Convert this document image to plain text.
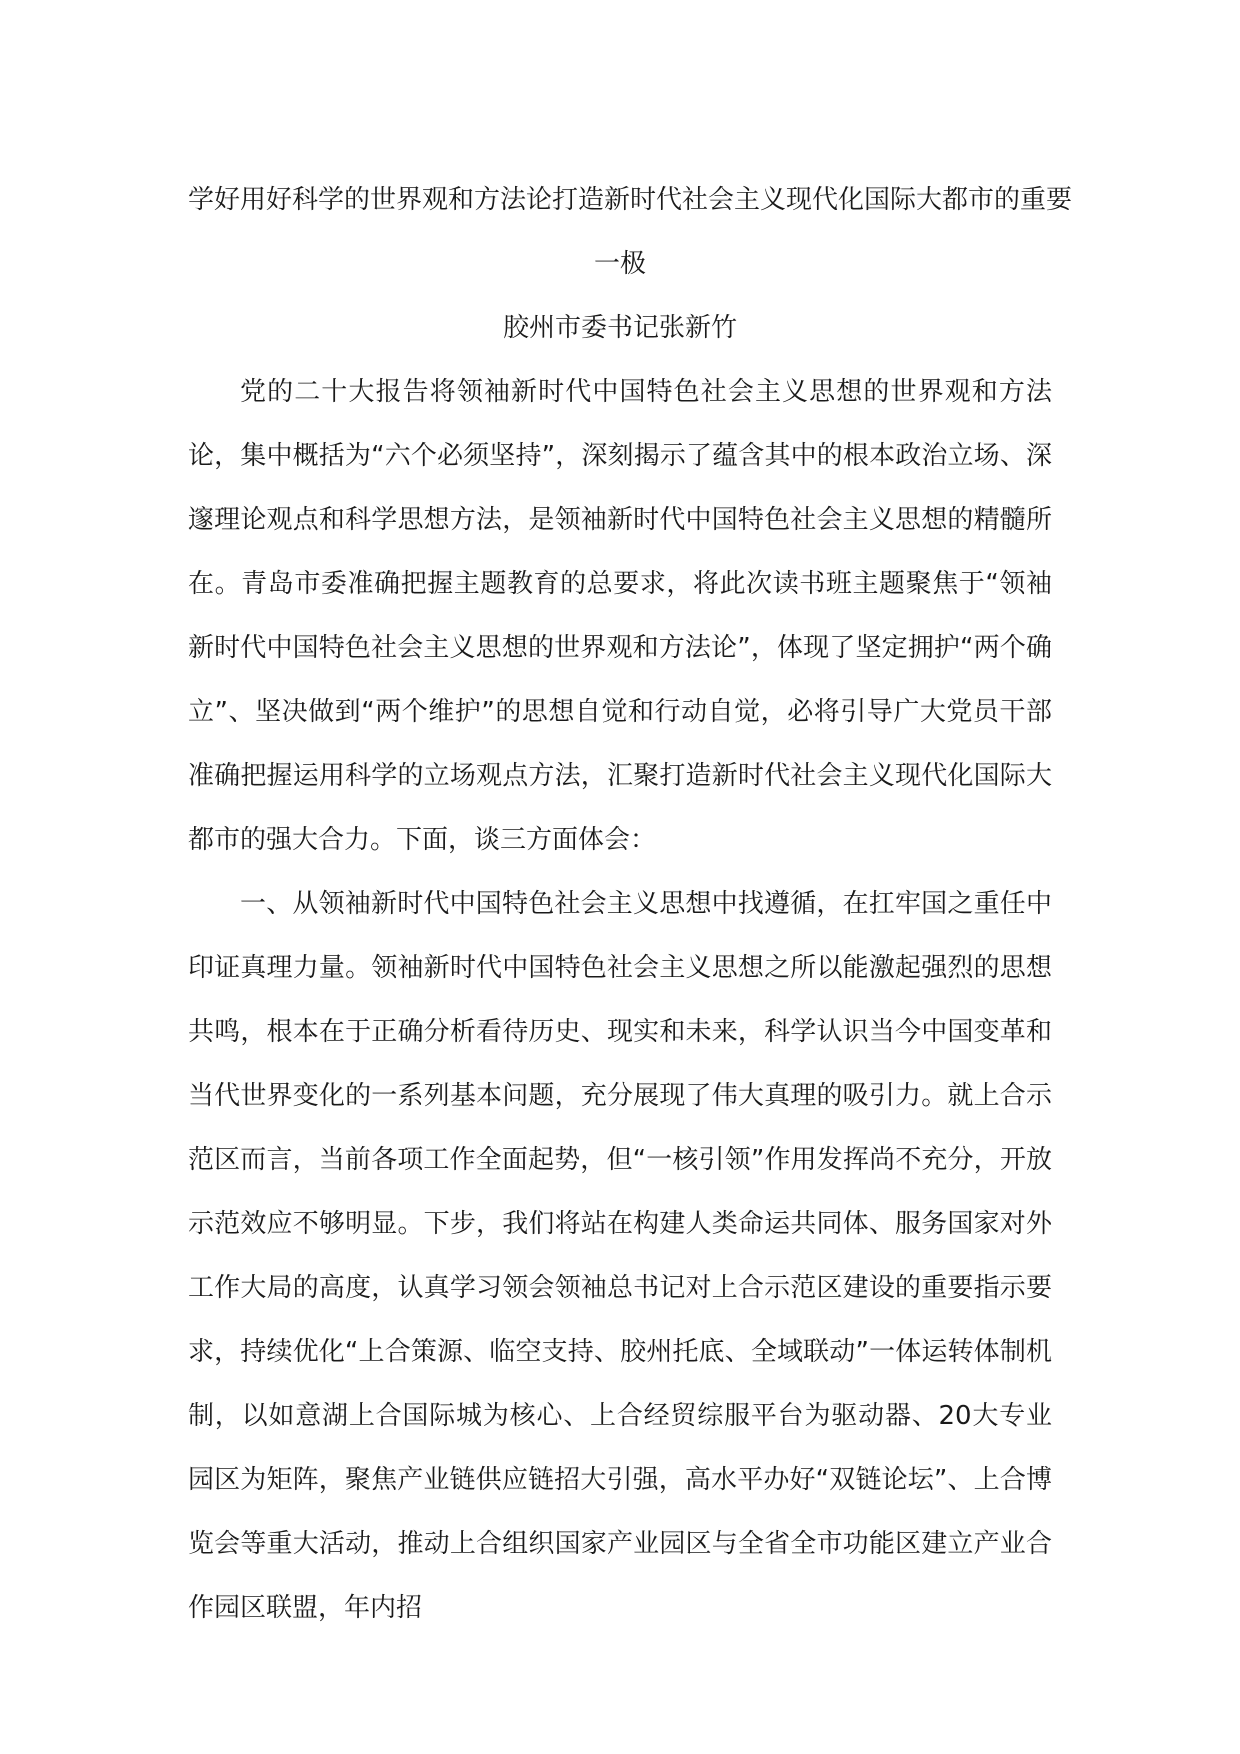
学好用好科学的世界观和方法论打造新时代社会主义现代化国际大都市的重要
一极

胶州市委书记张新竹

党的二十大报告将领袖新时代中国特色社会主义思想的世界观和方法论，集中概括为“六个必须坚持”，深刻揭示了蕴含其中的根本政治立场、深邃理论观点和科学思想方法，是领袖新时代中国特色社会主义思想的精髓所在。青岛市委准确把握主题教育的总要求，将此次读书班主题聚焦于“领袖新时代中国特色社会主义思想的世界观和方法论”，体现了坚定拥护“两个确立”、坚决做到“两个维护”的思想自觉和行动自觉，必将引导广大党员干部准确把握运用科学的立场观点方法，汇聚打造新时代社会主义现代化国际大都市的强大合力。下面，谈三方面体会：

一、从领袖新时代中国特色社会主义思想中找遵循，在扛牢国之重任中印证真理力量。领袖新时代中国特色社会主义思想之所以能激起强烈的思想共鸣，根本在于正确分析看待历史、现实和未来，科学认识当今中国变革和当代世界变化的一系列基本问题，充分展现了伟大真理的吸引力。就上合示范区而言，当前各项工作全面起势，但“一核引领”作用发挥尚不充分，开放示范效应不够明显。下步，我们将站在构建人类命运共同体、服务国家对外工作大局的高度，认真学习领会领袖总书记对上合示范区建设的重要指示要求，持续优化“上合策源、临空支持、胶州托底、全域联动”一体运转体制机制，以如意湖上合国际城为核心、上合经贸综服平台为驱动器、20大专业园区为矩阵，聚焦产业链供应链招大引强，高水平办好“双链论坛”、上合博览会等重大活动，推动上合组织国家产业园区与全省全市功能区建立产业合作园区联盟，年内招
